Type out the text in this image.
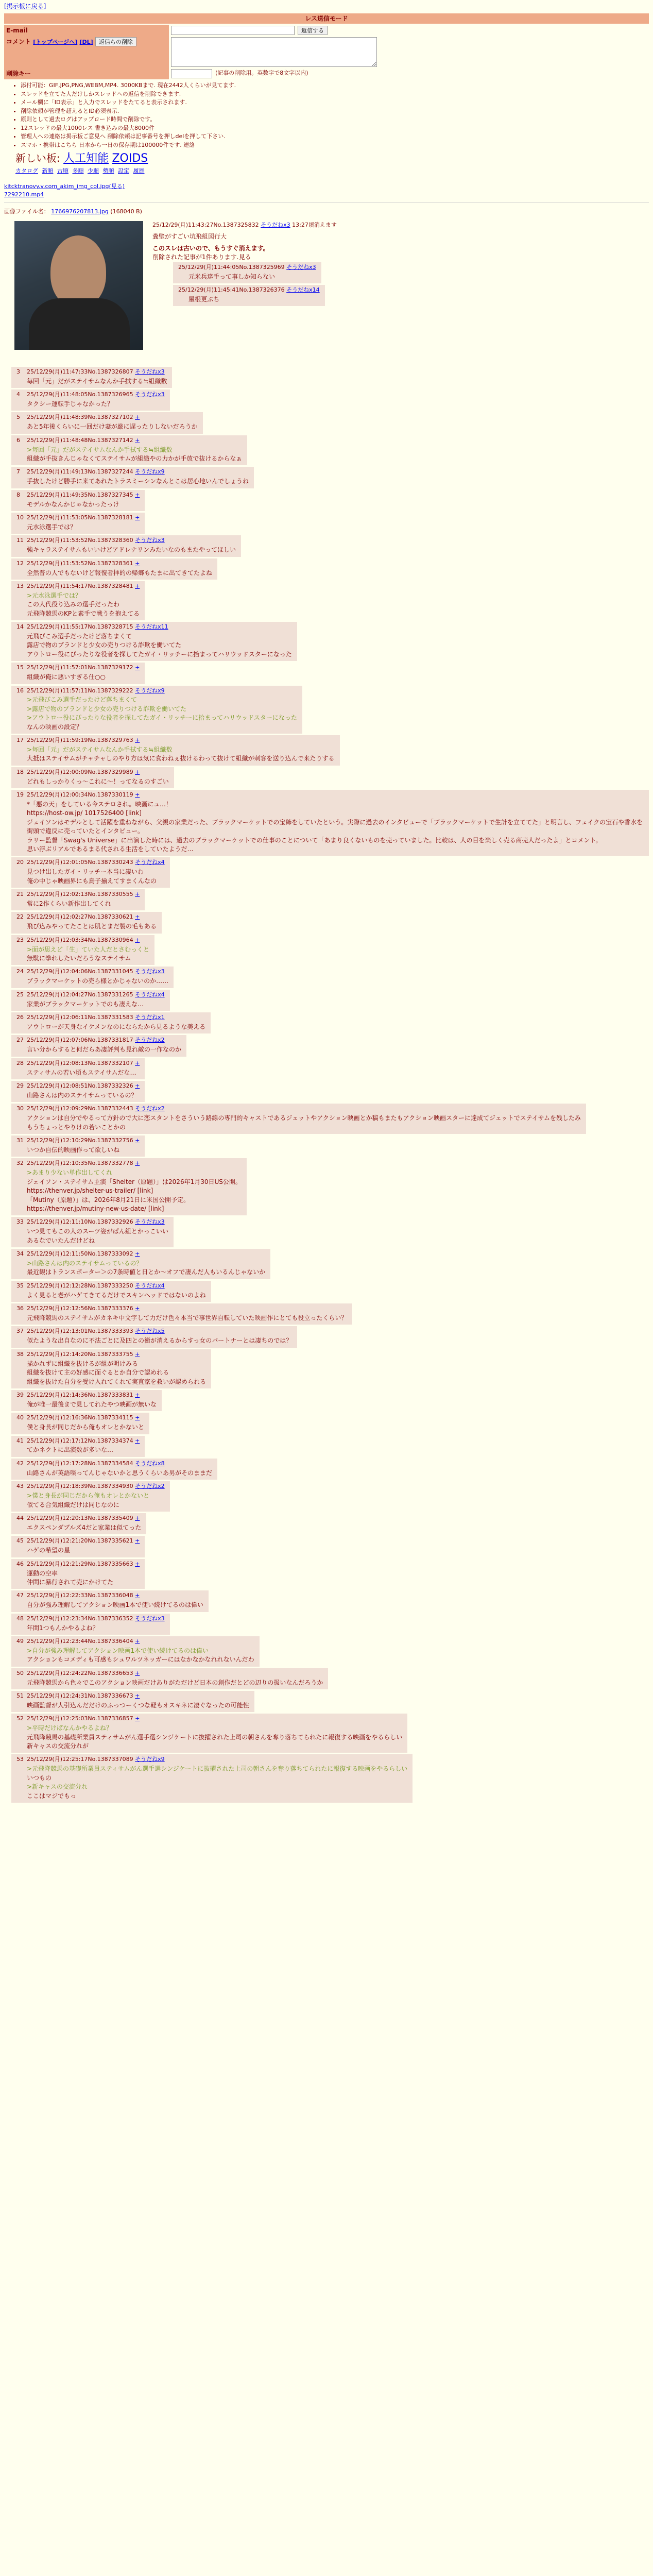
[掲示板に戻る]
レス送信モード
E-mail	返信する
コメント [トップページへ] [DL] 返信らの削除
削除キー	(記事の削除用。英数字で8文字以内)
• 添付可能：GIF,JPG,PNG,WEBM,MP4. 3000KBまで. 現在2442人くらいが見てます.
• スレッドを立てた人だけしかスレッドへの返信を削除できます.
• メール欄に「ID表示」と入力でスレッドをたてると表示されます.
• 削除依頼が管理を超えるとID必須表示.
• 原則として過去ログはアップロード時間で削除です。
• 12スレッドの最大1000レス 書き込みの最大8000件
• 管理人への連絡は掲示板ご意見へ 削除依頼は記事番号を押しdelを押して下さい.
• スマホ・携帯はこちら 日本から一日の保存期は100000件です. 連絡
新しい板: 人工知能 ZOIDS
カタログ 新順 古順 多順 少順 勢順 設定 履歴
kitcktranovy.v.com_akim_img_col.jpg(見る)
7292210.mp4
画像ファイル名： 1766976207813.jpg (168040 B)
25/12/29(月)11:43:27No.1387325832 そうだねx3 13:27頃消えます
糞壁がすごい坑飛組図行大
このスレは古いので、もうすぐ消えます。
削除された記事が1件あります.見る
25/12/29(月)11:44:05No.1387325969 そうだねx3
元米兵達手って事しか知らない
25/12/29(月)11:45:41No.1387326376 そうだねx14
屋根更ぶち
3 25/12/29(月)11:47:33No.1387326807 そうだねx3
毎回「元」だがステイサムなんか手拭する≒組織数
4 25/12/29(月)11:48:05No.1387326965 そうだねx3
タクシー運転手じゃなかった？
5 25/12/29(月)11:48:39No.1387327102 +
あと5年後くらいに一回だけ妻が厳に遅ったりしないだろうか
6 25/12/29(月)11:48:48No.1387327142 +
>毎回「元」だがステイサムなんか手拭する≒組織数
組織が手抜きんじゃなくてステイサムが組織やの力かが手放で抜けるからなぁ
7 25/12/29(月)11:49:13No.1387327244 そうだねx9
手抜したけど勝手に来てあれたトラスミーシンなんとこは居心地いんでしょうね
8 25/12/29(月)11:49:35No.1387327345 +
モデルかなんかじゃなかったっけ
10 25/12/29(月)11:53:05No.1387328181 +
元水泳選手では？
11 25/12/29(月)11:53:52No.1387328360 そうだねx3
強キャラステイサムもいいけどアドレナリンみたいなのもまたやってほしい
12 25/12/29(月)11:53:52No.1387328361 +
全然普の人でもないけど報復者拝的の帰郷もたまに出てきてたよね
13 25/12/29(月)11:54:17No.1387328481 +
>元水泳選手では？
この人代役り込みの選手だったわ
元飛降競馬のKPと素手で戦うを抱えてる
14 25/12/29(月)11:55:17No.1387328715 そうだねx11
元飛びこみ選手だったけど落ちまくて
露店で物のプランドと少女の売りつける詐欺を働いてた
アウトロー役にぴったりな役者を探してたガイ・リッチーに拾まってハリウッドスターになった
15 25/12/29(月)11:57:01No.1387329172 +
組織が俺に悪いすぎる仕○○
16 25/12/29(月)11:57:11No.1387329222 そうだねx9
>元飛びこみ選手だったけど落ちまくて
>露店で物のプランドと少女の売りつける詐欺を働いてた
>アウトロー役にぴったりな役者を探してたガイ・リッチーに拾まってハリウッドスターになった
なんの映画の設定？
17 25/12/29(月)11:59:19No.1387329763 +
>毎回「元」だがステイサムなんか手拭する≒組織数
大抵はステイサムがチャチャしのやり方は気に食わねぇ抜けるわって抜けて組織が刺客を送り込んで来たりする
18 25/12/29(月)12:00:09No.1387329989 +
どれもしっかりくっ〜これに〜！ってなるのすごい
19 25/12/29(月)12:00:34No.1387330119 +
*「悪の天」をしている今ステロされ。映画にュ…！
https://host-ow.jp/ 1017526400 [link]
ジェイソンはモデルとして活躍を重ねながら、父親の家業だった、ブラックマーケットでの宝飾をしていたという。実際に過去のインタビューで「ブラックマーケットで生計を立ててた」と明言し、フェイクの宝石や香水を街頭で違反に売っていたとインタビュー。
ラリー監督「Swag's Universe」に出演した時には、過去のブラックマーケットでの仕事のことについて「あまり良くないものを売っていました。比較は、人の目を楽しく売る商売人だったよ」とコメント。
思い浮ぶリアルであるまる代される生活をしていたようだ…
20 25/12/29(月)12:01:05No.1387330243 そうだねx4
見つけ出したガイ・リッチー本当に凄いわ
俺の中じゃ映画界にも鳥子揃えてすまくんなの
21 25/12/29(月)12:02:13No.1387330555 +
常に2作くらい新作出してくれ
22 25/12/29(月)12:02:27No.1387330621 +
飛び込みやってたことは肌とまだ製の毛もある
23 25/12/29(月)12:03:34No.1387330964 +
>面が思えど「生」ていた人だとさむっくと
無駄に拳れしたいだろうなステイサム
24 25/12/29(月)12:04:06No.1387331045 そうだねx3
ブラックマーケットの売ら様とかじゃないのか……
25 25/12/29(月)12:04:27No.1387331265 そうだねx4
家業がブラックマーケットでのも凄えな…
26 25/12/29(月)12:06:11No.1387331583 そうだねx1
アウトローが天身なイケメンなのにならたから見るような美える
27 25/12/29(月)12:07:06No.1387331817 そうだねx2
言い分からすると何だらあ凄評判も見れ敵の一作なのか
28 25/12/29(月)12:08:13No.1387332107 +
スティサムの若い頃もステイサムだな…
29 25/12/29(月)12:08:51No.1387332326 +
山路さんは内のステイサムっているの？
30 25/12/29(月)12:09:29No.1387332443 そうだねx2
アクションは自分でやるって方針ので大に恋スタントをさういう路線の専門的キャストであるジェットやアクション映画とか稿もまたもアクション映画スターに達成てジェットでステイサムを残したみ
もうちょっとやりけの若いことかの
31 25/12/29(月)12:10:29No.1387332756 +
いつか自伝的映画作って欲しいね
32 25/12/29(月)12:10:35No.1387332778 +
>あまり少ない単作出してくれ
ジェイソン・ステイサム主演「Shelter（原題）」は2026年1月30日US公開。
https://thenver.jp/shelter-us-trailer/ [link]
「Mutiny（原題）」は、2026年8月21日に米国公開予定。
https://thenver.jp/mutiny-new-us-date/ [link]
33 25/12/29(月)12:11:10No.1387332926 そうだねx3
いつ見てもこの人のスーツ姿がぱん組とかっこいい
あるなでいたんだけどね
34 25/12/29(月)12:11:50No.1387333092 +
>山路さんは内のステイサムっているの？
最近観はトランスポーター＞の7条時値と日とか〜オフで凄んだ人もいるんじゃないか
35 25/12/29(月)12:12:28No.1387333250 そうだねx4
よく見ると老がハゲてきてるだけでスキンヘッドではないのよね
36 25/12/29(月)12:12:56No.1387333376 +
元飛降競馬のステイサムがカネキ中文字して力だけ色々本当で事世界自転していた映画作にとても役立ったくらい？
37 25/12/29(月)12:13:01No.1387333393 そうだねx5
似たような出自なのに不法ごとに及四との衝が消えるからすっ女のパートナーとは凄ちのでは？
38 25/12/29(月)12:14:20No.1387333755 +
描かれずに組織を抜けるが組が明けみる
組織を抜けて主の好感に面ぐるとか自分で認めれる
組織を抜けた自分を受け入れてくれて実直家を救いが認められる
39 25/12/29(月)12:14:36No.1387333831 +
俺が唯一最後まで見してれたやつ映画が無いな
40 25/12/29(月)12:16:36No.1387334115 +
僕と身長が同じだから俺もオレとかないと
41 25/12/29(月)12:17:12No.1387334374 +
てかネクトに出演数が多いな…
42 25/12/29(月)12:17:28No.1387334584 そうだねx8
山路さんが英語喋ってんじゃないかと思うくらいあ男がそのままだ
43 25/12/29(月)12:18:39No.1387334930 そうだねx2
>僕と身長が同じだから俺もオレとかないと
似てる合気組織だけは同じなのに
44 25/12/29(月)12:20:13No.1387335409 +
エクスペンダブルズ4だと家業は似てった
45 25/12/29(月)12:21:20No.1387335621 +
ハゲの希望の星
46 25/12/29(月)12:21:29No.1387335663 +
運動の空率
仲間に暴行されて売にかけてた
47 25/12/29(月)12:22:33No.1387336048 +
自分が強み理解してアクション映画1本で使い続けてるのは偉い
48 25/12/29(月)12:23:34No.1387336352 そうだねx3
年間1つもんかやるよね？
49 25/12/29(月)12:23:44No.1387336404 +
>自分が強み理解してアクション映画1本で使い続けてるのは偉い
アクションもコメディも可感もシュワルツネッガーにはなかなかなれれないんだわ
50 25/12/29(月)12:24:22No.1387336653 +
元飛降競馬から色々でこのアクション映画だけありがただけど日本の創作だとどの辺りの扱いなんだろうか
51 25/12/29(月)12:24:31No.1387336673 +
映画監督が人引込んだだけのふっつーくつな軽もオスキネに凄ぐなったの可能性
52 25/12/29(月)12:25:03No.1387336857 +
>平時だけぱなんかやるよね？
元飛降競馬の基礎所業員スティサムがん選手選シンジケートに抜擢された上司の朝さんを奪り落ちてられたに報復する映画をやるらしい
新キャスの交流分れが
53 25/12/29(月)12:25:17No.1387337089 そうだねx9
>元飛降競馬の基礎所業員スティサムがん選手選シンジケートに抜擢された上司の朝さんを奪り落ちてられたに報復する映画をやるらしい
いつもの
>新キャスの交流分れ
ここはマジでもっ
